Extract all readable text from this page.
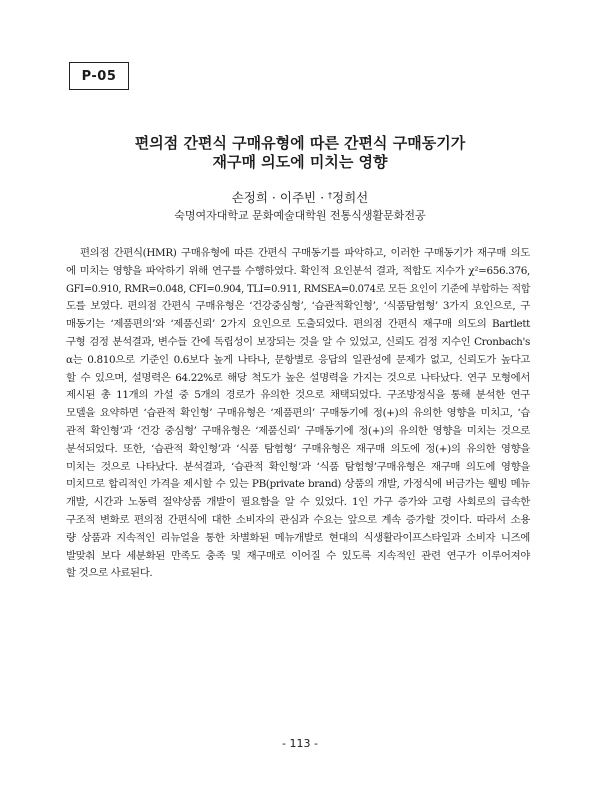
P-05
편의점 간편식 구매유형에 따른 간편식 구매동기가
재구매 의도에 미치는 영향
손정희 · 이주빈 · †정희선
숙명여자대학교 문화예술대학원 전통식생활문화전공
편의점 간편식(HMR) 구매유형에 따른 간편식 구매동기를 파악하고, 이러한 구매동기가 재구매 의도
에 미치는 영향을 파악하기 위해 연구를 수행하였다. 확인적 요인분석 결과, 적합도 지수가 χ²=656.376,
GFI=0.910, RMR=0.048, CFI=0.904, TLI=0.911, RMSEA=0.074로 모든 요인이 기준에 부합하는 적합
도를 보였다. 편의점 간편식 구매유형은 ‘건강중심형’, ‘습관적확인형’, ‘식품탐험형’ 3가지 요인으로, 구
매동기는 ‘제품편의’와 ‘제품신뢰’ 2가지 요인으로 도출되었다. 편의점 간편식 재구매 의도의 Bartlett
구형 검정 분석결과, 변수들 간에 독립성이 보장되는 것을 알 수 있었고, 신뢰도 검정 지수인 Cronbach's
α는 0.810으로 기준인 0.6보다 높게 나타나, 문항별로 응답의 일관성에 문제가 없고, 신뢰도가 높다고
할 수 있으며, 설명력은 64.22%로 해당 척도가 높은 설명력을 가지는 것으로 나타났다. 연구 모형에서
제시된 총 11개의 가설 중 5개의 경로가 유의한 것으로 채택되었다. 구조방정식을 통해 분석한 연구
모델을 요약하면 ‘습관적 확인형’ 구매유형은 ‘제품편의’ 구매동기에 정(+)의 유의한 영향을 미치고, ‘습
관적 확인형’과 ‘건강 중심형’ 구매유형은 ‘제품신뢰’ 구매동기에 정(+)의 유의한 영향을 미치는 것으로
분석되었다. 또한, ‘습관적 확인형’과 ‘식품 탐험형’ 구매유형은 재구매 의도에 정(+)의 유의한 영향을
미치는 것으로 나타났다. 분석결과, ‘습관적 확인형’과 ‘식품 탐험형’구매유형은 재구매 의도에 영향을
미치므로 합리적인 가격을 제시할 수 있는 PB(private brand) 상품의 개발, 가정식에 버금가는 웰빙 메뉴
개발, 시간과 노동력 절약상품 개발이 필요함을 알 수 있었다. 1인 가구 증가와 고령 사회로의 급속한
구조적 변화로 편의점 간편식에 대한 소비자의 관심과 수요는 앞으로 계속 증가할 것이다. 따라서 소용
량 상품과 지속적인 리뉴얼을 통한 차별화된 메뉴개발로 현대의 식생활라이프스타일과 소비자 니즈에
발맞춰 보다 세분화된 만족도 충족 및 재구매로 이어질 수 있도록 지속적인 관련 연구가 이루어져야
할 것으로 사료된다.
- 113 -
